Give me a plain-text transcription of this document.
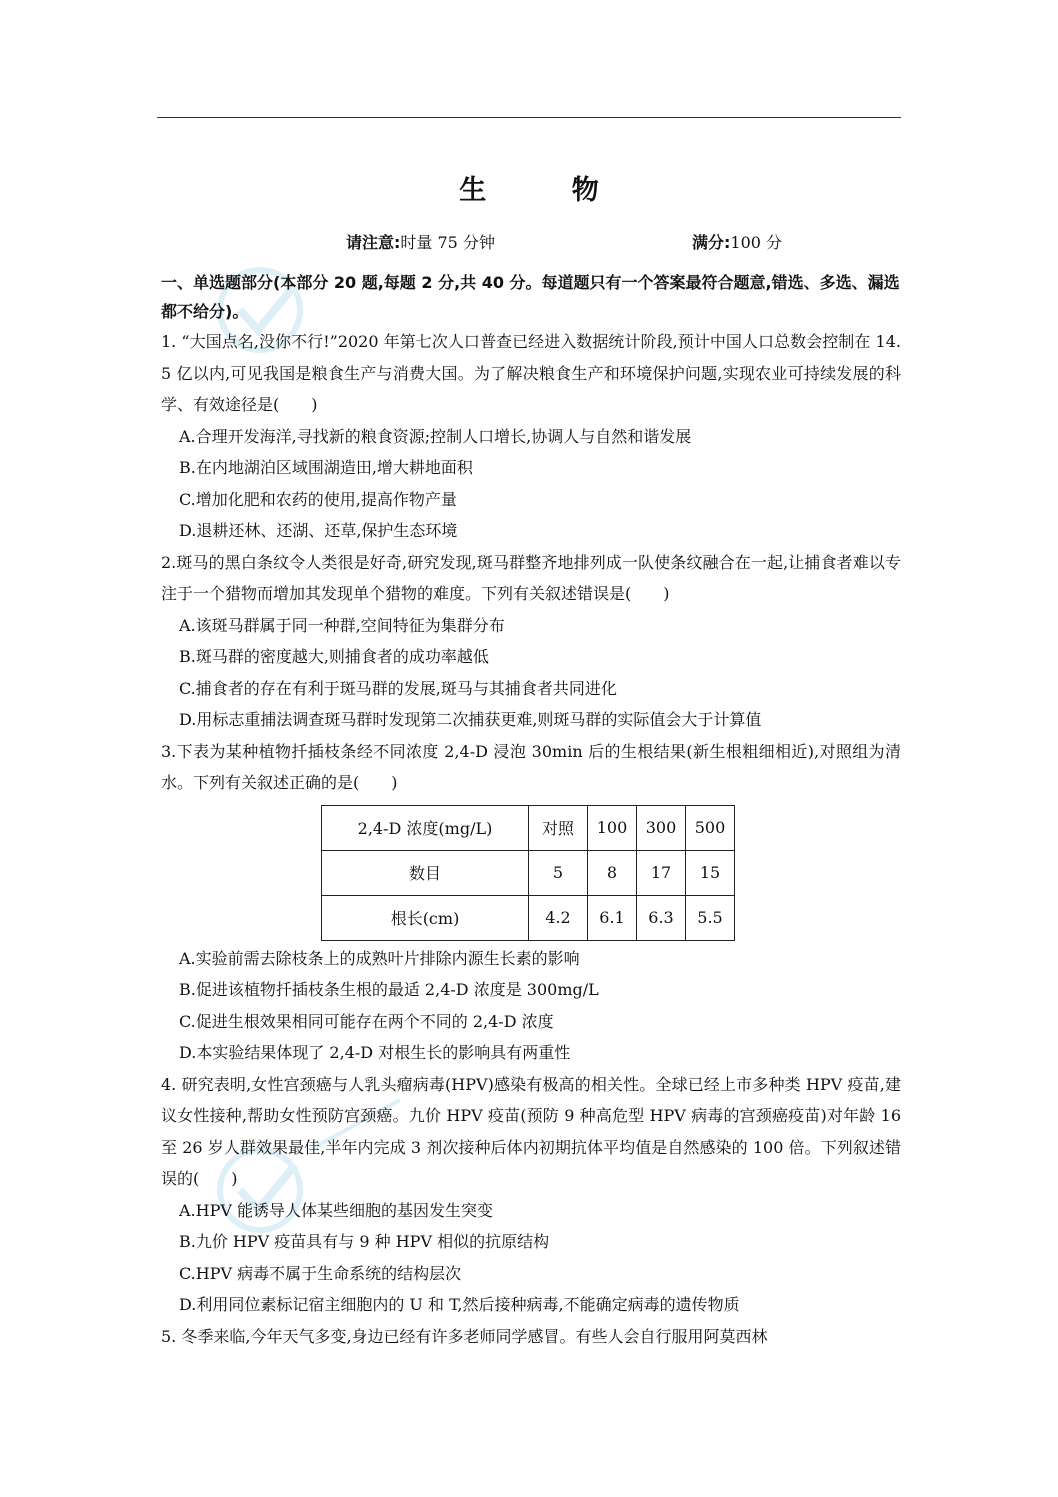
生 物
请注意:时量 75 分钟	满分:100 分
一、单选题部分(本部分 20 题,每题 2 分,共 40 分。每道题只有一个答案最符合题意,错选、多选、漏选都不给分)。
1. “大国点名,没你不行!”2020 年第七次人口普查已经进入数据统计阶段,预计中国人口总数会控制在 14. 5 亿以内,可见我国是粮食生产与消费大国。为了解决粮食生产和环境保护问题,实现农业可持续发展的科学、有效途径是(　　)
A.合理开发海洋,寻找新的粮食资源;控制人口增长,协调人与自然和谐发展
B.在内地湖泊区域围湖造田,增大耕地面积
C.增加化肥和农药的使用,提高作物产量
D.退耕还林、还湖、还草,保护生态环境
2.斑马的黑白条纹令人类很是好奇,研究发现,斑马群整齐地排列成一队使条纹融合在一起,让捕食者难以专注于一个猎物而增加其发现单个猎物的难度。下列有关叙述错误是(　　)
A.该斑马群属于同一种群,空间特征为集群分布
B.斑马群的密度越大,则捕食者的成功率越低
C.捕食者的存在有利于斑马群的发展,斑马与其捕食者共同进化
D.用标志重捕法调查斑马群时发现第二次捕获更难,则斑马群的实际值会大于计算值
3.下表为某种植物扦插枝条经不同浓度 2,4-D 浸泡 30min 后的生根结果(新生根粗细相近),对照组为清水。下列有关叙述正确的是(　　)
2,4-D 浓度(mg/L)	对照	100	300	500
数目	5	8	17	15
根长(cm)	4.2	6.1	6.3	5.5
A.实验前需去除枝条上的成熟叶片排除内源生长素的影响
B.促进该植物扦插枝条生根的最适 2,4-D 浓度是 300mg/L
C.促进生根效果相同可能存在两个不同的 2,4-D 浓度
D.本实验结果体现了 2,4-D 对根生长的影响具有两重性
4. 研究表明,女性宫颈癌与人乳头瘤病毒(HPV)感染有极高的相关性。全球已经上市多种类 HPV 疫苗,建议女性接种,帮助女性预防宫颈癌。九价 HPV 疫苗(预防 9 种高危型 HPV 病毒的宫颈癌疫苗)对年龄 16 至 26 岁人群效果最佳,半年内完成 3 剂次接种后体内初期抗体平均值是自然感染的 100 倍。下列叙述错误的(　　)
A.HPV 能诱导人体某些细胞的基因发生突变
B.九价 HPV 疫苗具有与 9 种 HPV 相似的抗原结构
C.HPV 病毒不属于生命系统的结构层次
D.利用同位素标记宿主细胞内的 U 和 T,然后接种病毒,不能确定病毒的遗传物质
5. 冬季来临,今年天气多变,身边已经有许多老师同学感冒。有些人会自行服用阿莫西林
